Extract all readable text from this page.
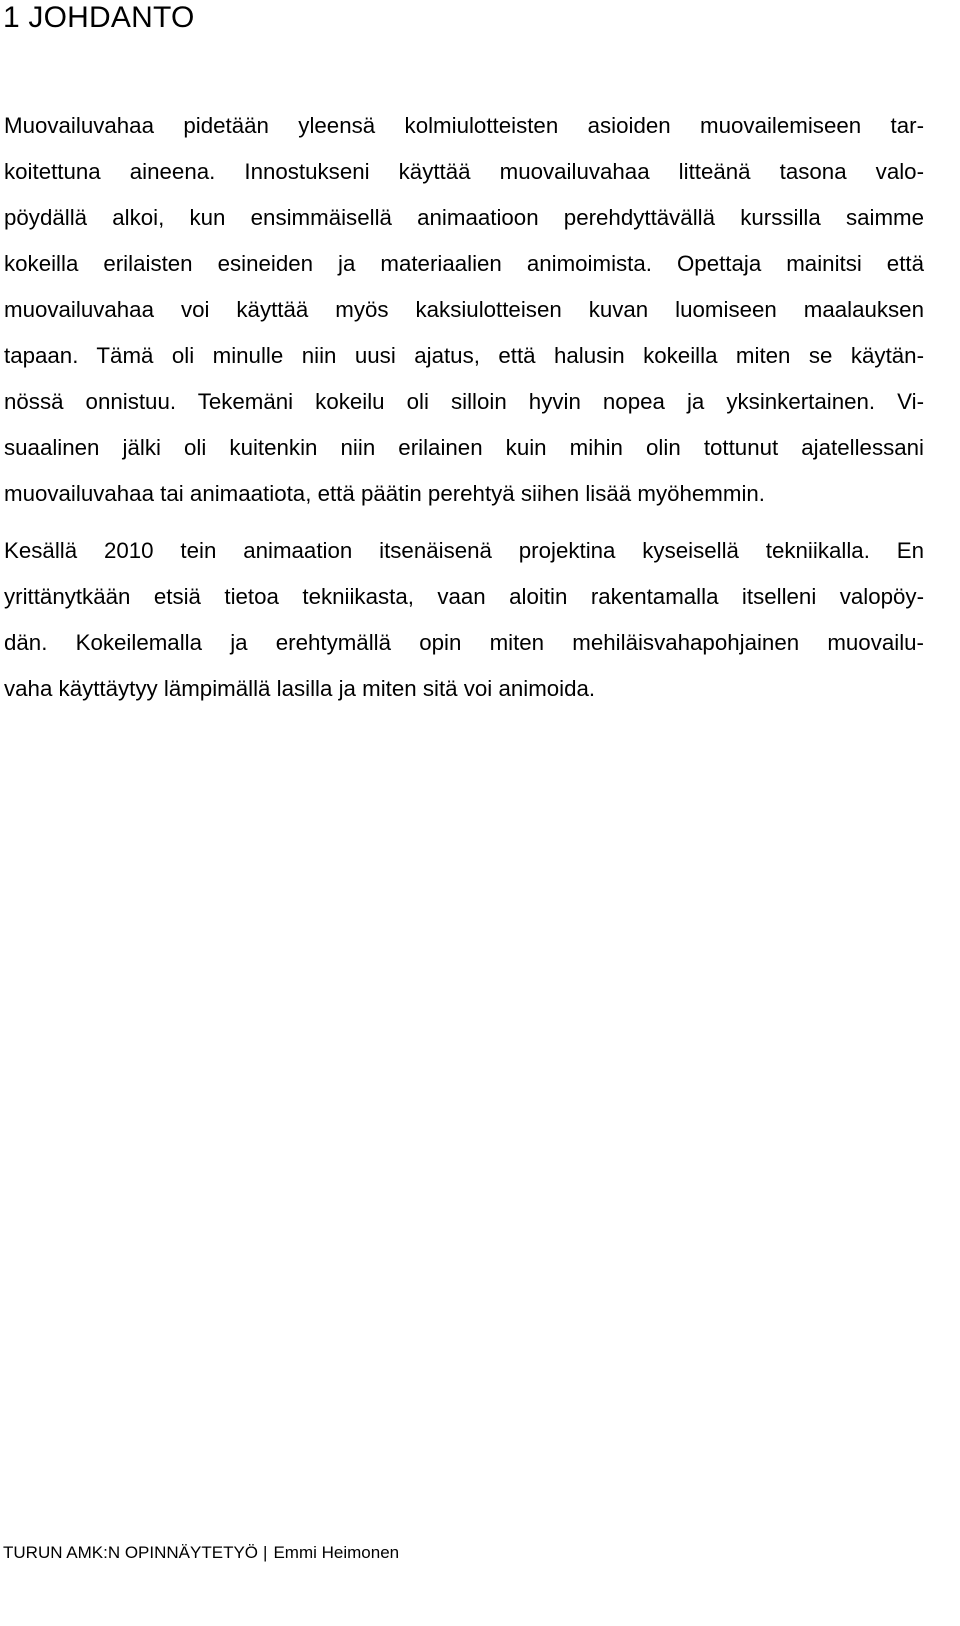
1 JOHDANTO
Muovailuvahaa pidetään yleensä kolmiulotteisten asioiden muovailemiseen tar-
koitettuna aineena. Innostukseni käyttää muovailuvahaa litteänä tasona valo-
pöydällä alkoi, kun ensimmäisellä animaatioon perehdyttävällä kurssilla saimme
kokeilla erilaisten esineiden ja materiaalien animoimista. Opettaja mainitsi että
muovailuvahaa voi käyttää myös kaksiulotteisen kuvan luomiseen maalauksen
tapaan. Tämä oli minulle niin uusi ajatus, että halusin kokeilla miten se käytän-
nössä onnistuu. Tekemäni kokeilu oli silloin hyvin nopea ja yksinkertainen. Vi-
suaalinen jälki oli kuitenkin niin erilainen kuin mihin olin tottunut ajatellessani
muovailuvahaa tai animaatiota, että päätin perehtyä siihen lisää myöhemmin.
Kesällä 2010 tein animaation itsenäisenä projektina kyseisellä tekniikalla. En
yrittänytkään etsiä tietoa tekniikasta, vaan aloitin rakentamalla itselleni valopöy-
dän. Kokeilemalla ja erehtymällä opin miten mehiläisvahapohjainen muovailu-
vaha käyttäytyy lämpimällä lasilla ja miten sitä voi animoida.
TURUN AMK:N OPINNÄYTETYÖ | Emmi Heimonen
